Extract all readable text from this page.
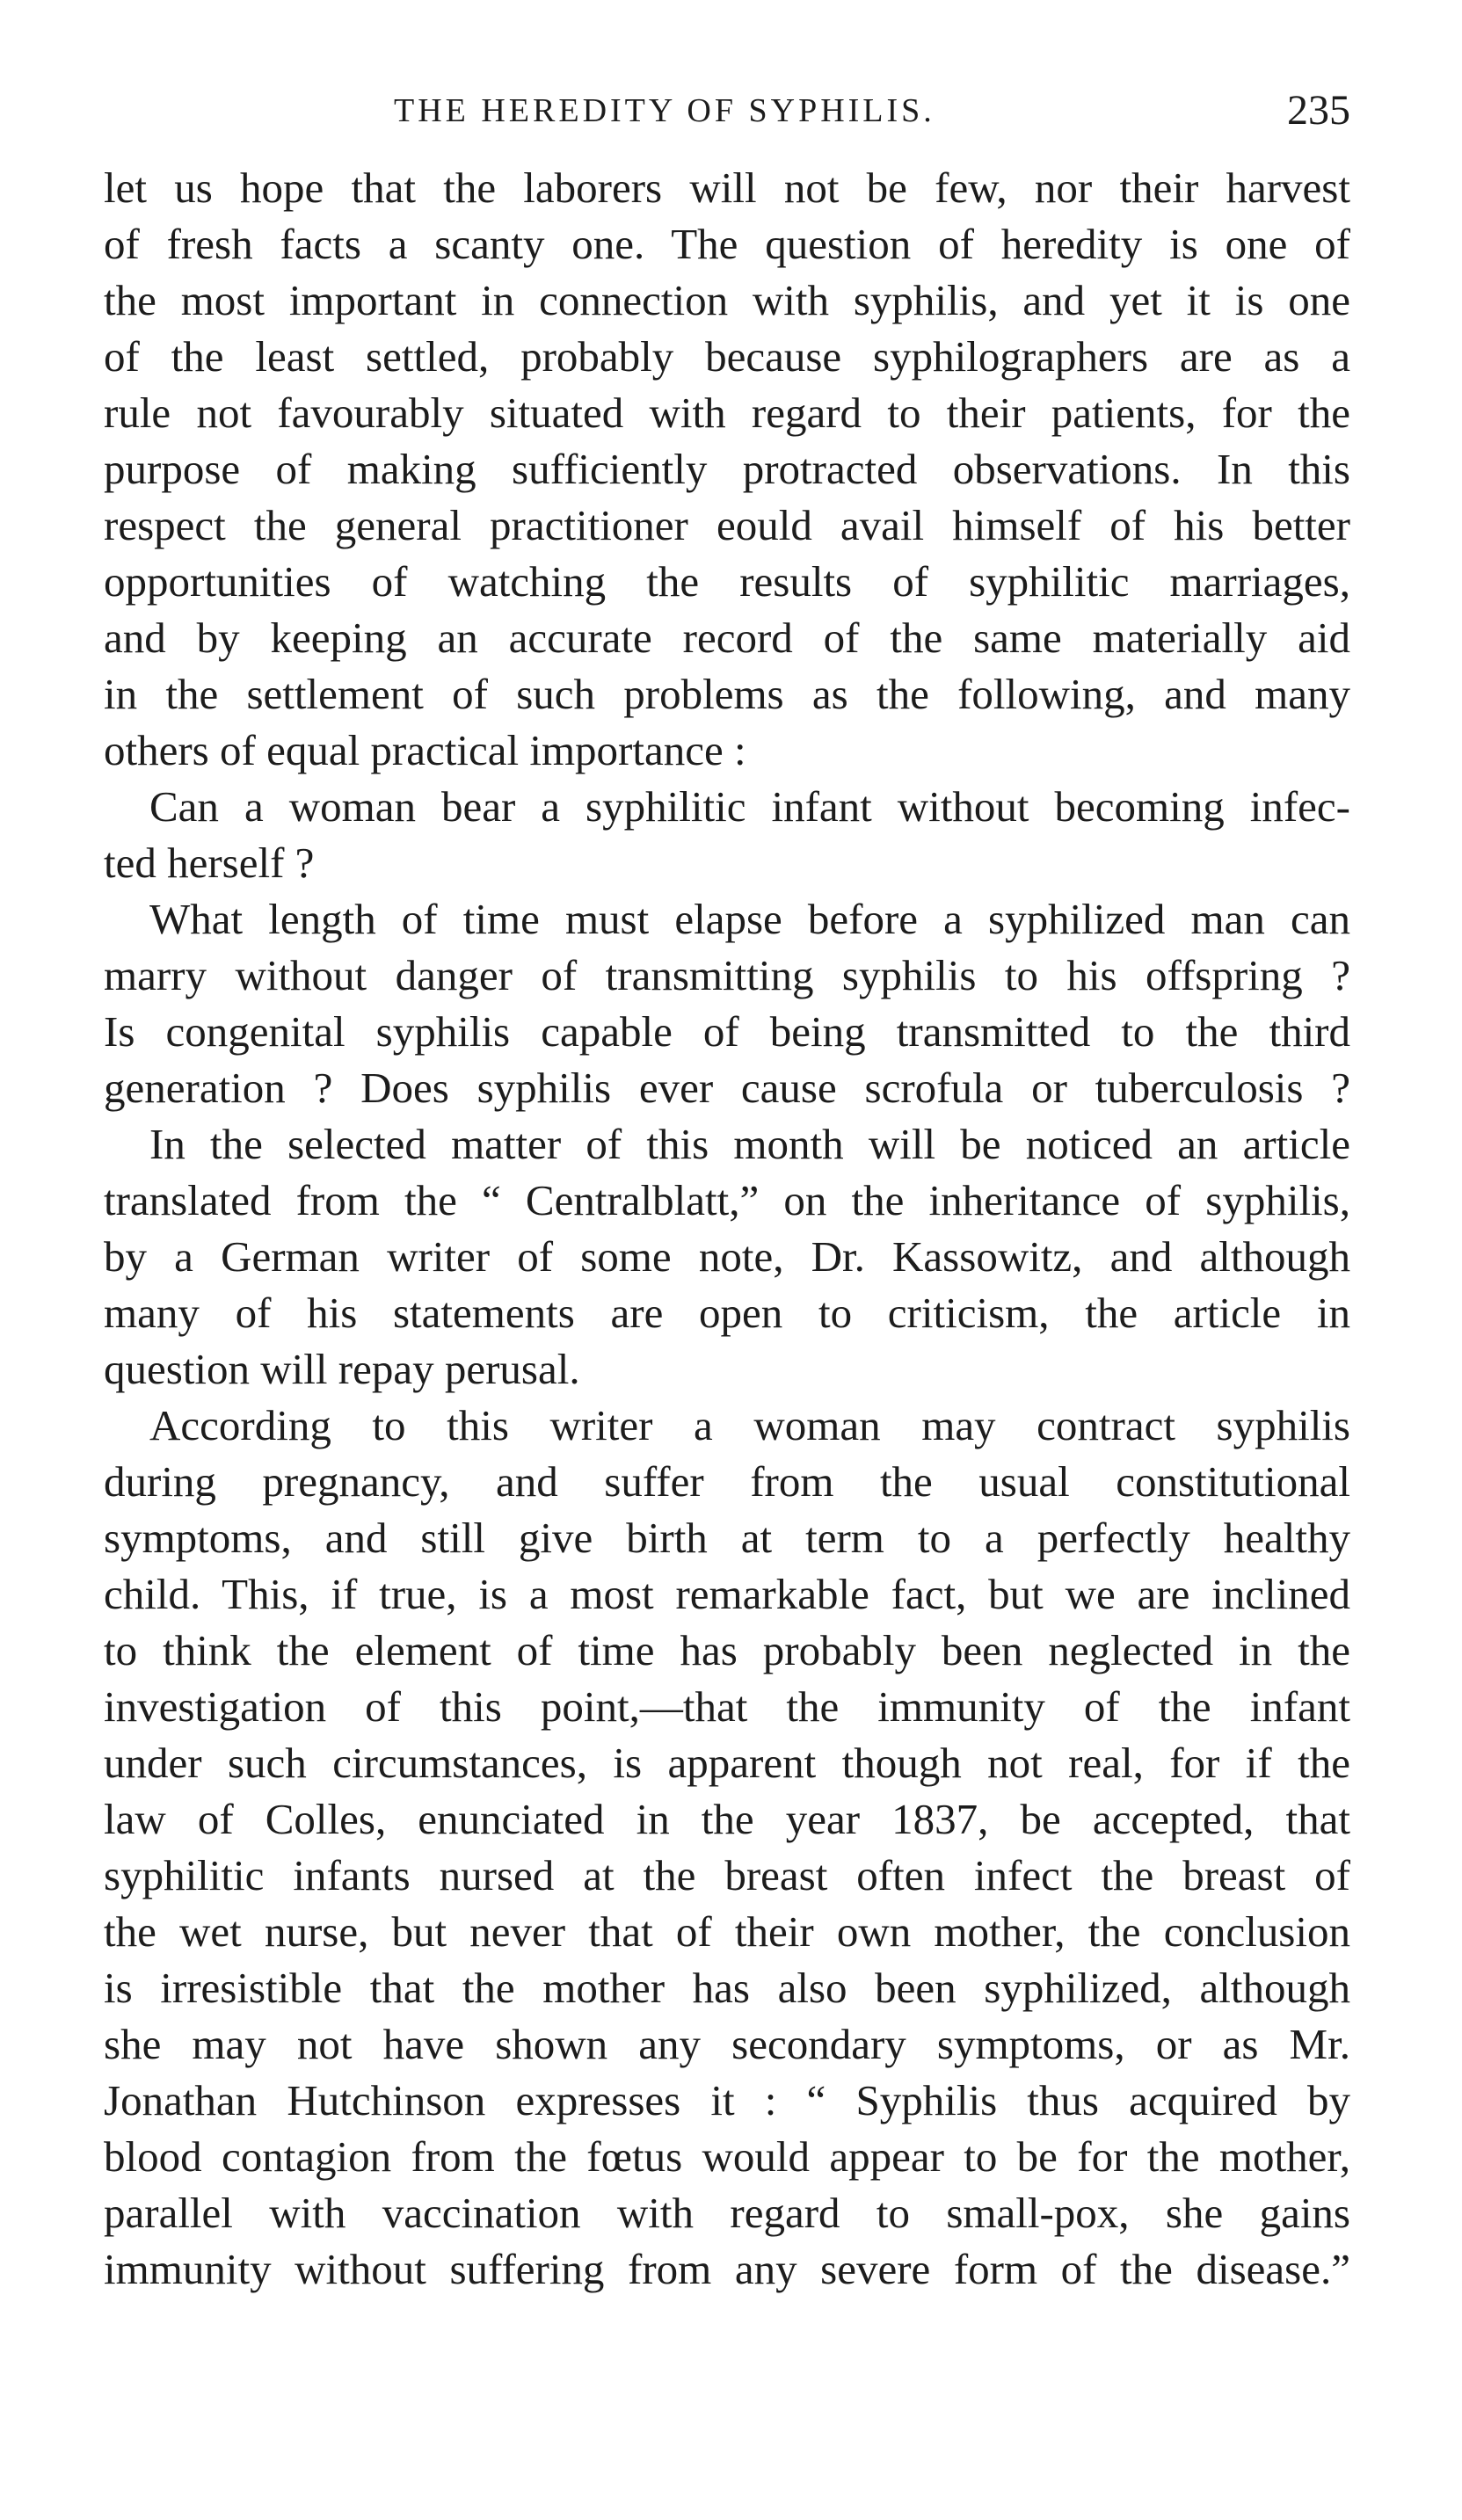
THE HEREDITY OF SYPHILIS.	235
let us hope that the laborers will not be few, nor their harvest
of fresh facts a scanty one. The question of heredity is one of
the most important in connection with syphilis, and yet it is one
of the least settled, probably because syphilographers are as a
rule not favourably situated with regard to their patients, for the
purpose of making sufficiently protracted observations. In this
respect the general practitioner eould avail himself of his better
opportunities of watching the results of syphilitic marriages,
and by keeping an accurate record of the same materially aid
in the settlement of such problems as the following, and many
others of equal practical importance :
Can a woman bear a syphilitic infant without becoming infec-
ted herself ?
What length of time must elapse before a syphilized man can
marry without danger of transmitting syphilis to his offspring ?
Is congenital syphilis capable of being transmitted to the third
generation ? Does syphilis ever cause scrofula or tuberculosis ?
In the selected matter of this month will be noticed an article
translated from the “ Centralblatt,” on the inheritance of syphilis,
by a German writer of some note, Dr. Kassowitz, and although
many of his statements are open to criticism, the article in
question will repay perusal.
According to this writer a woman may contract syphilis
during pregnancy, and suffer from the usual constitutional
symptoms, and still give birth at term to a perfectly healthy
child. This, if true, is a most remarkable fact, but we are inclined
to think the element of time has probably been neglected in the
investigation of this point,—that the immunity of the infant
under such circumstances, is apparent though not real, for if the
law of Colles, enunciated in the year 1837, be accepted, that
syphilitic infants nursed at the breast often infect the breast of
the wet nurse, but never that of their own mother, the conclusion
is irresistible that the mother has also been syphilized, although
she may not have shown any secondary symptoms, or as Mr.
Jonathan Hutchinson expresses it : “ Syphilis thus acquired by
blood contagion from the fœtus would appear to be for the mother,
parallel with vaccination with regard to small-pox, she gains
immunity without suffering from any severe form of the disease.”
